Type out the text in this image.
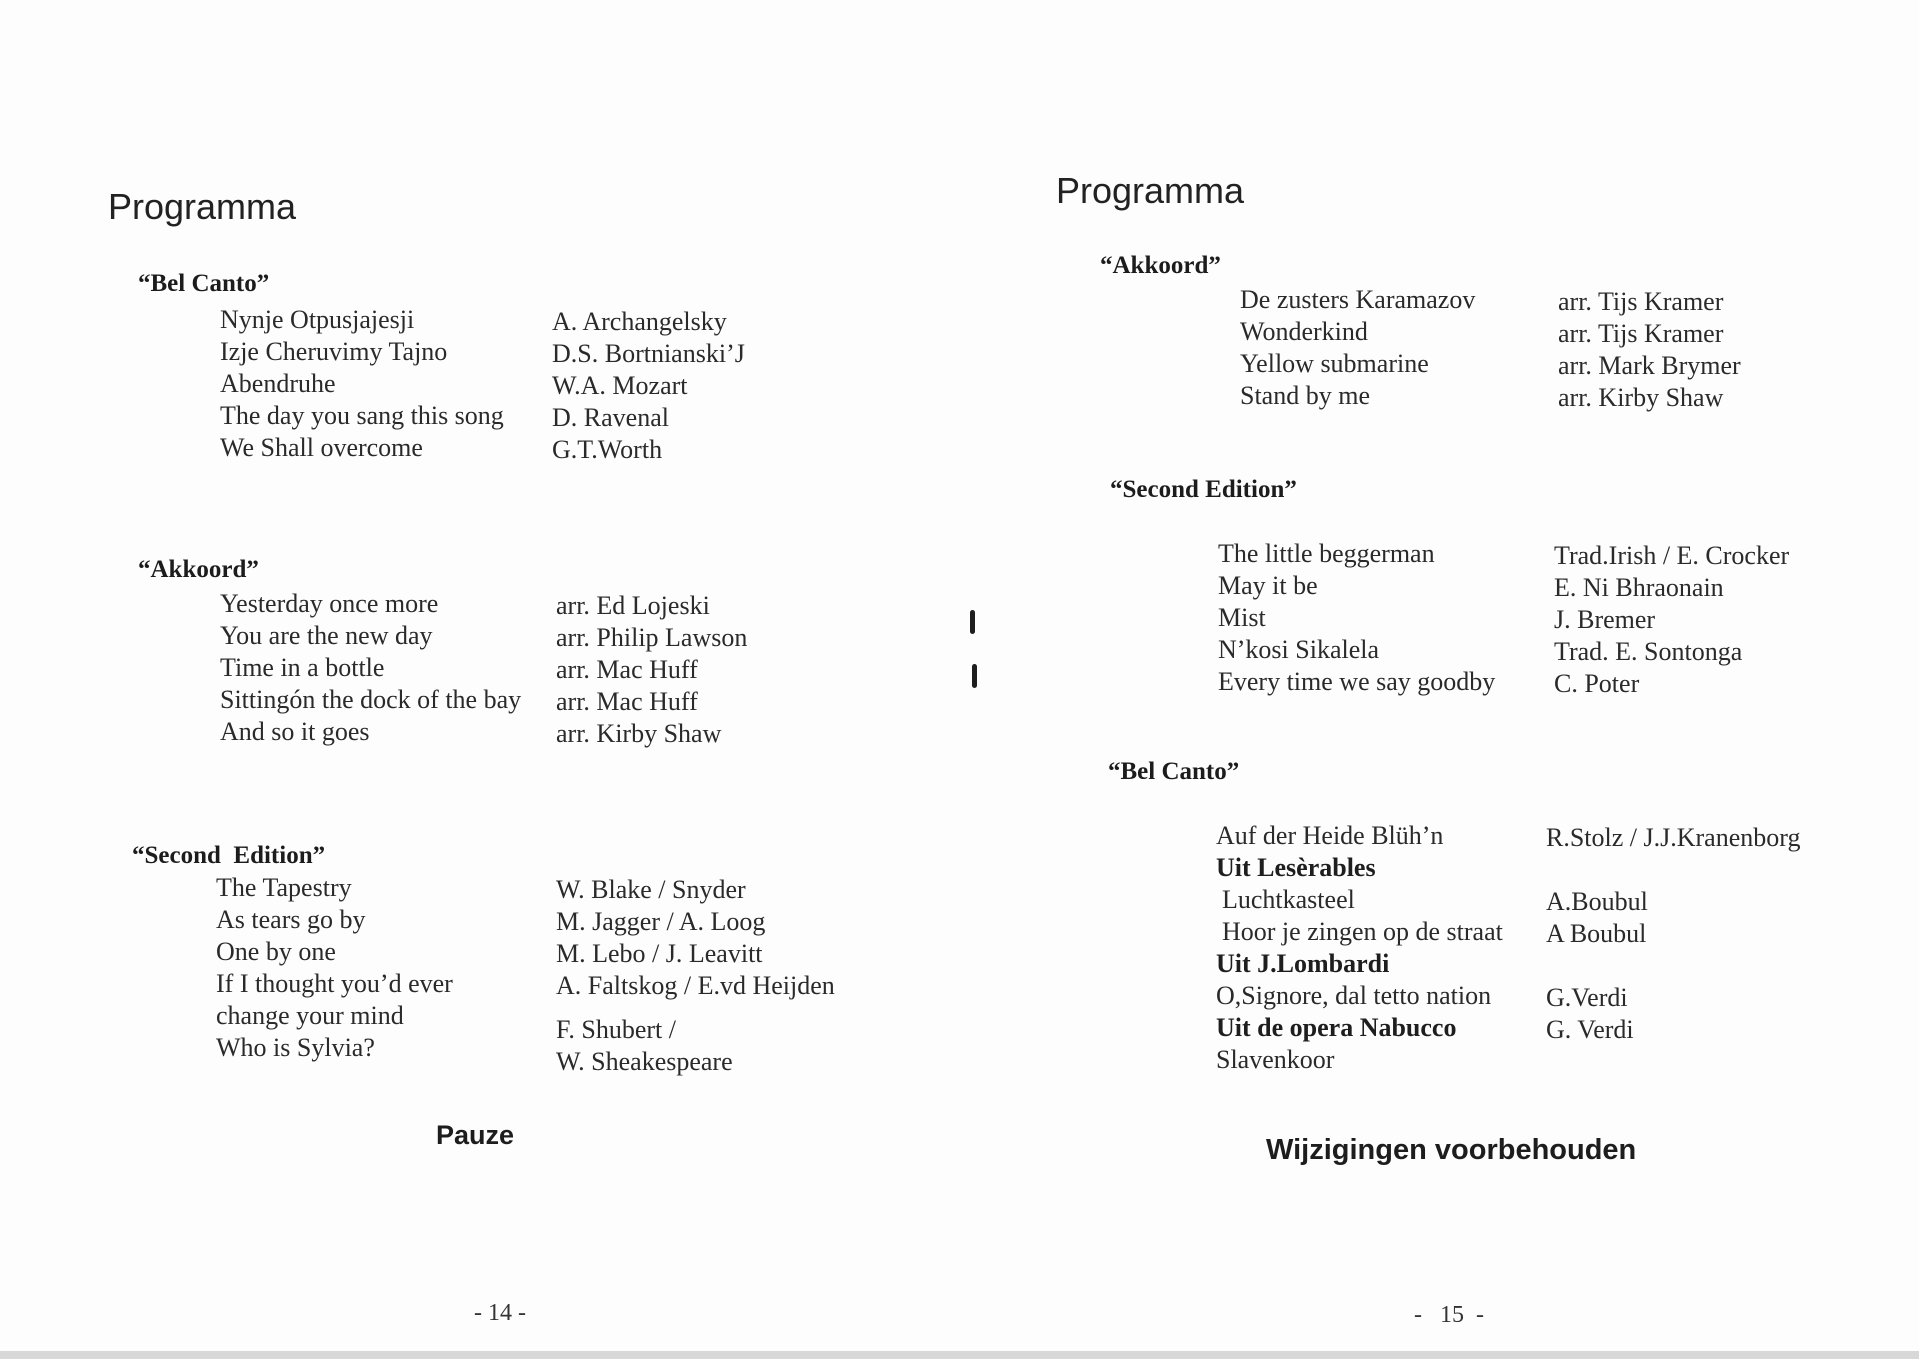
Programma
“Bel Canto”
Nynje Otpusjajesji
Izje Cheruvimy Tajno
Abendruhe
The day you sang this song
We Shall overcome
A. Archangelsky
D.S. Bortnianski’J
W.A. Mozart
D. Ravenal
G.T.Worth
“Akkoord”
Yesterday once more
You are the new day
Time in a bottle
Sittingón the dock of the bay
And so it goes
arr. Ed Lojeski
arr. Philip Lawson
arr. Mac Huff
arr. Mac Huff
arr. Kirby Shaw
“Second  Edition”
The Tapestry
As tears go by
One by one
If I thought you’d ever
change your mind
Who is Sylvia?
W. Blake / Snyder
M. Jagger / A. Loog
M. Lebo / J. Leavitt
A. Faltskog / E.vd Heijden
F. Shubert /
W. Sheakespeare
Pauze
- 14 -
Programma
“Akkoord”
De zusters Karamazov
Wonderkind
Yellow submarine
Stand by me
arr. Tijs Kramer
arr. Tijs Kramer
arr. Mark Brymer
arr. Kirby Shaw
“Second Edition”
The little beggerman
May it be
Mist
N’kosi Sikalela
Every time we say goodby
Trad.Irish / E. Crocker
E. Ni Bhraonain
J. Bremer
Trad. E. Sontonga
C. Poter
“Bel Canto”
Auf der Heide Blüh’n
Uit Lesèrables
Luchtkasteel
Hoor je zingen op de straat
Uit J.Lombardi
O,Signore, dal tetto nation
Uit de opera Nabucco
Slavenkoor
R.Stolz / J.J.Kranenborg
A.Boubul
A Boubul
G.Verdi
G. Verdi
Wijzigingen voorbehouden
-   15  -
